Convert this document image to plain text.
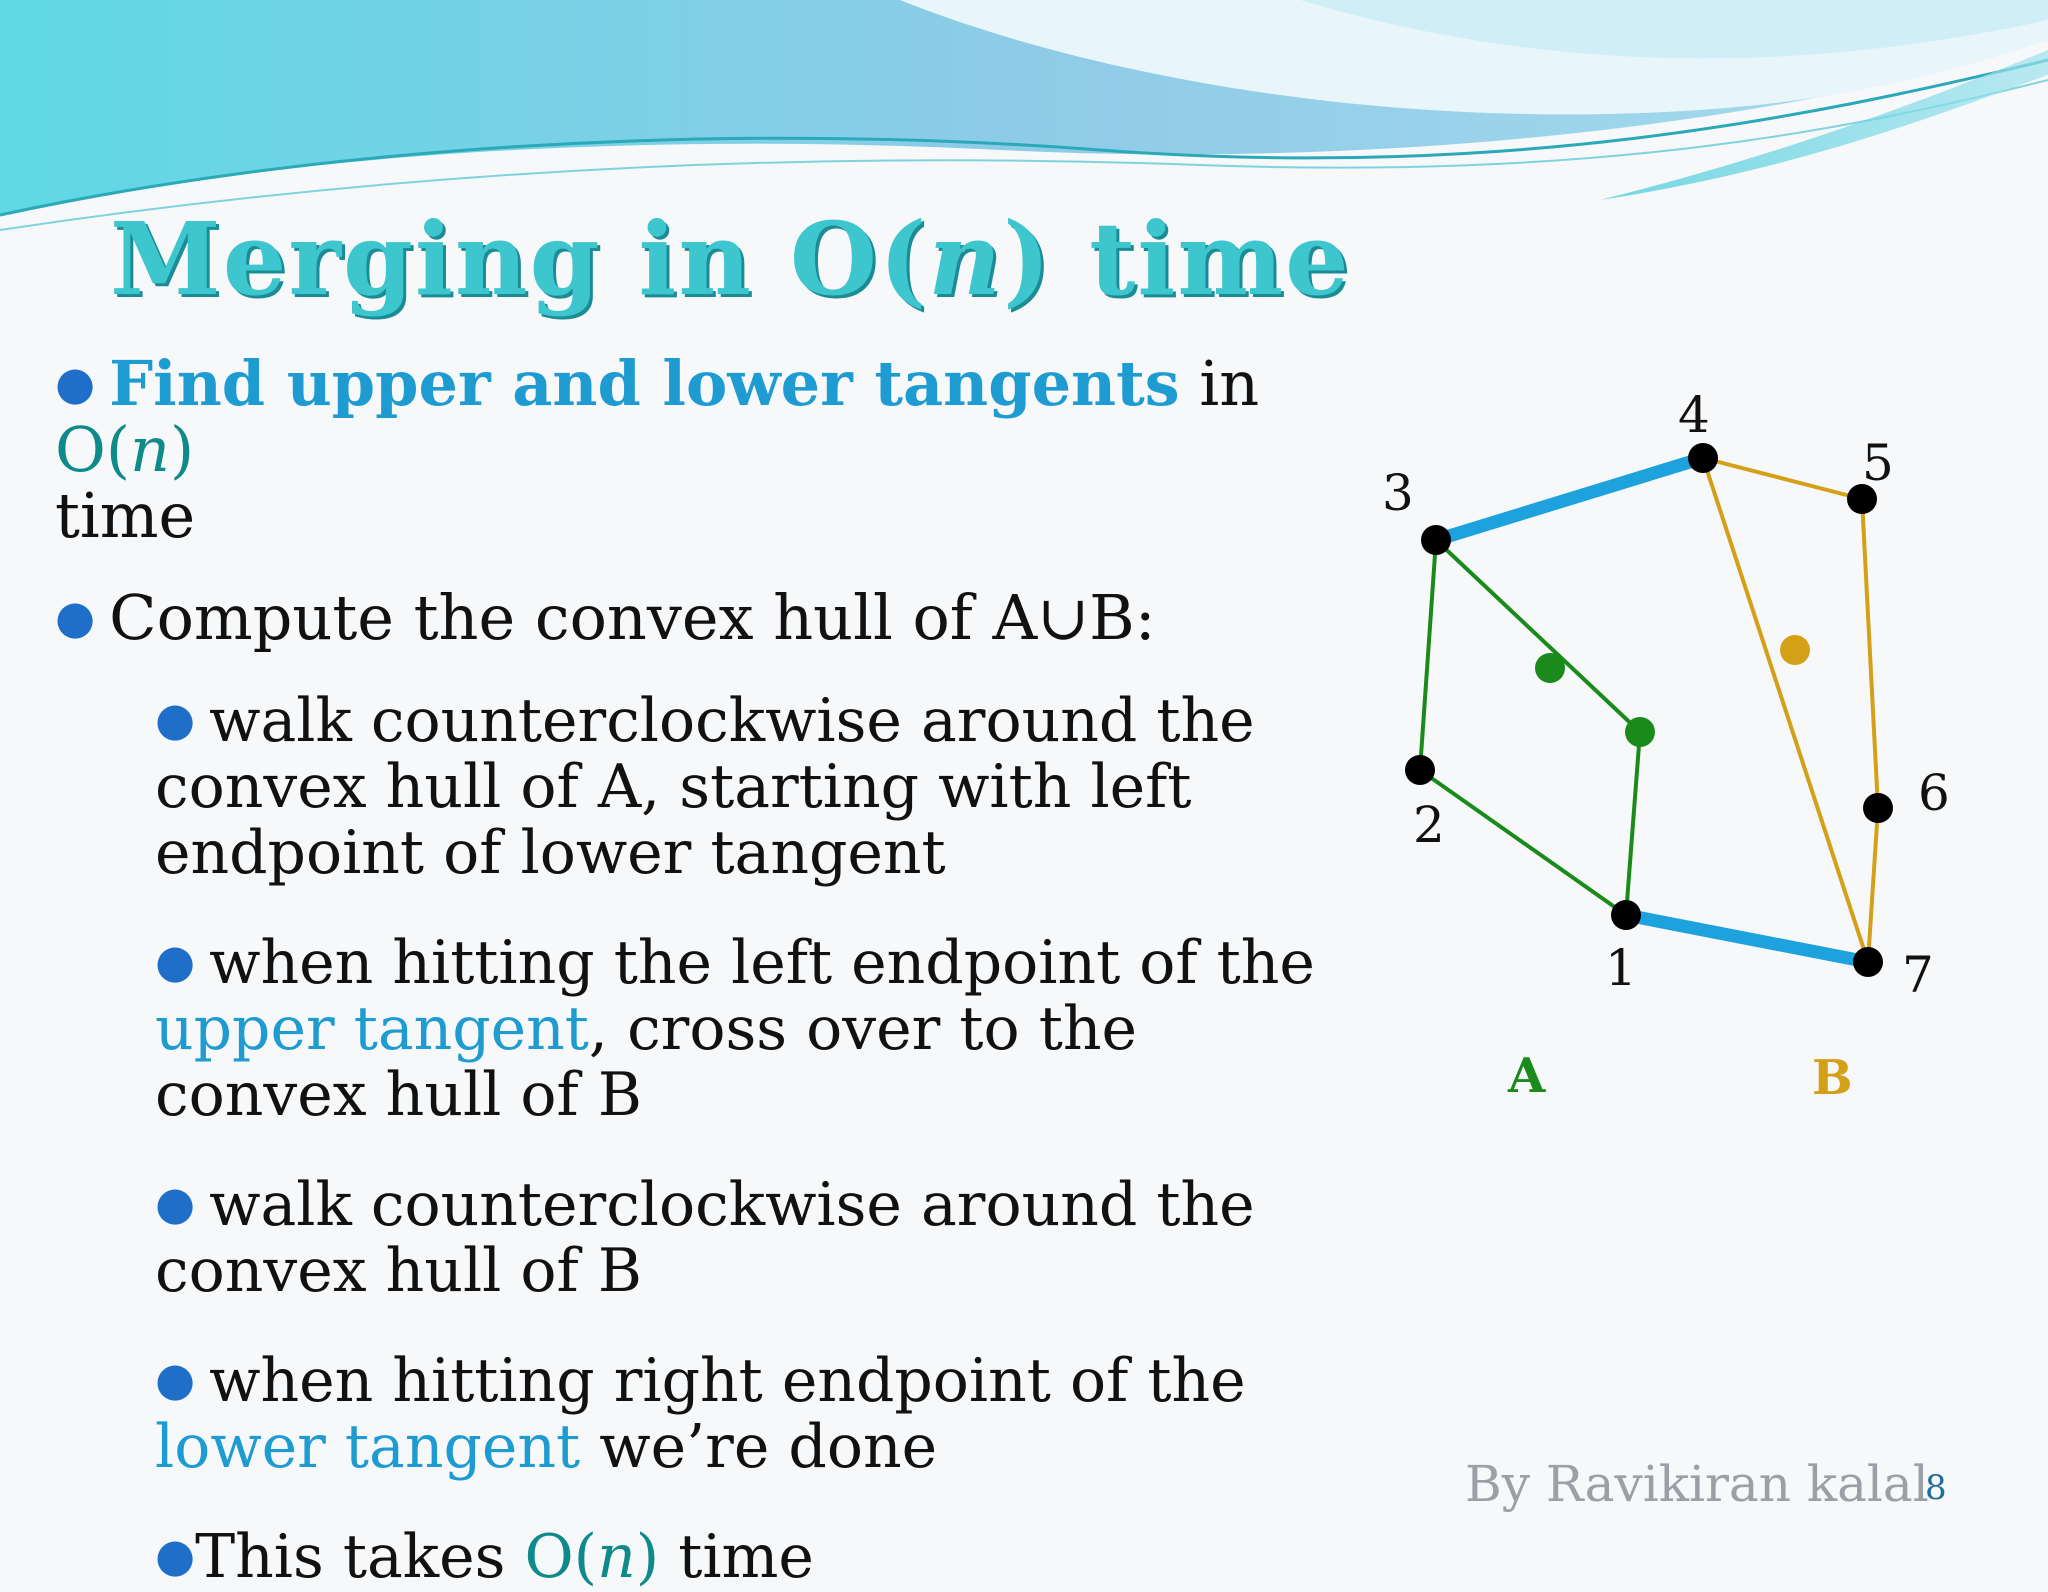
Merging in O(n) time
● Find upper and lower tangents in O(n)
time
● Compute the convex hull of A∪B:
● walk counterclockwise around the convex hull of A, starting with left endpoint of lower tangent
● when hitting the left endpoint of the upper tangent, cross over to the convex hull of B
● walk counterclockwise around the convex hull of B
● when hitting right endpoint of the lower tangent we’re done
●This takes O(n) time
1
2
3
4
5
6
7
A	B
By Ravikiran kalal
8
